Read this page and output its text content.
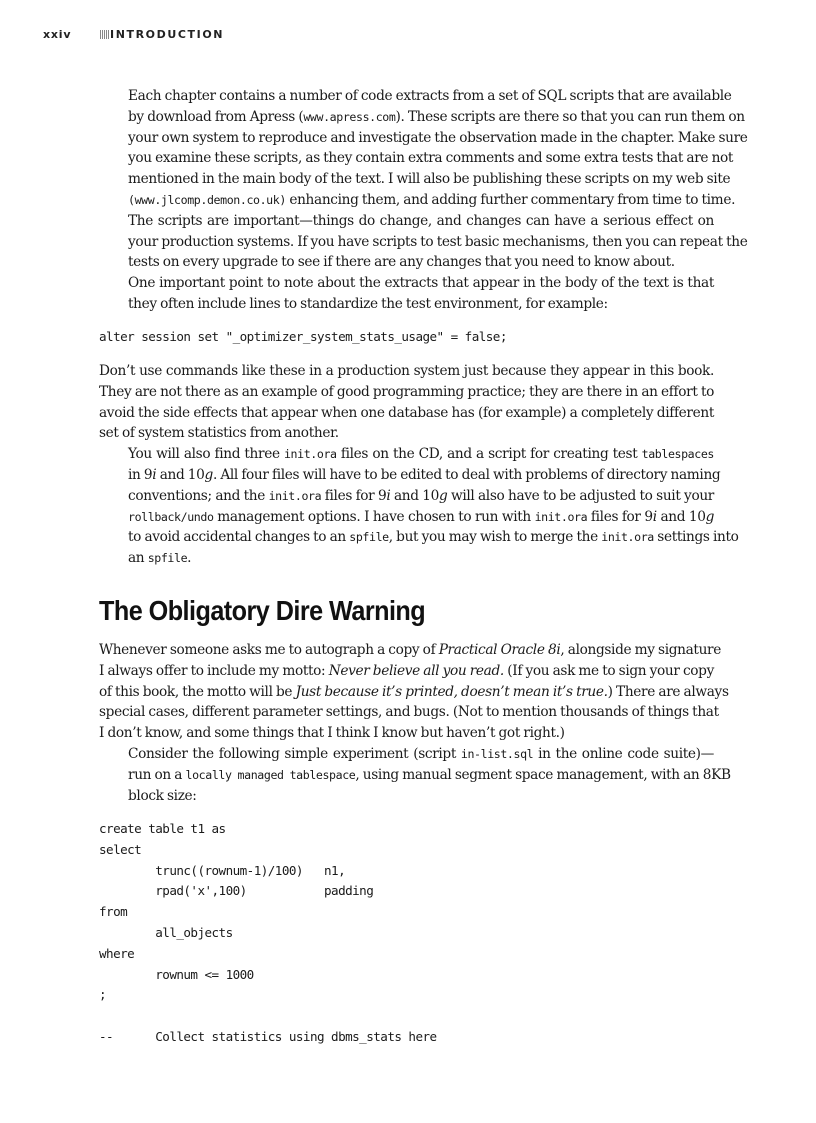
xxiv	INTRODUCTION

Each chapter contains a number of code extracts from a set of SQL scripts that are available
by download from Apress (www.apress.com). These scripts are there so that you can run them on
your own system to reproduce and investigate the observation made in the chapter. Make sure
you examine these scripts, as they contain extra comments and some extra tests that are not
mentioned in the main body of the text. I will also be publishing these scripts on my web site
(www.jlcomp.demon.co.uk) enhancing them, and adding further commentary from time to time.

The scripts are important—things do change, and changes can have a serious effect on
your production systems. If you have scripts to test basic mechanisms, then you can repeat the
tests on every upgrade to see if there are any changes that you need to know about.

One important point to note about the extracts that appear in the body of the text is that
they often include lines to standardize the test environment, for example:

alter session set "_optimizer_system_stats_usage" = false;

Don’t use commands like these in a production system just because they appear in this book.
They are not there as an example of good programming practice; they are there in an effort to
avoid the side effects that appear when one database has (for example) a completely different
set of system statistics from another.

You will also find three init.ora files on the CD, and a script for creating test tablespaces
in 9i and 10g. All four files will have to be edited to deal with problems of directory naming
conventions; and the init.ora files for 9i and 10g will also have to be adjusted to suit your
rollback/undo management options. I have chosen to run with init.ora files for 9i and 10g
to avoid accidental changes to an spfile, but you may wish to merge the init.ora settings into
an spfile.

The Obligatory Dire Warning

Whenever someone asks me to autograph a copy of Practical Oracle 8i, alongside my signature
I always offer to include my motto: Never believe all you read. (If you ask me to sign your copy
of this book, the motto will be Just because it’s printed, doesn’t mean it’s true.) There are always
special cases, different parameter settings, and bugs. (Not to mention thousands of things that
I don’t know, and some things that I think I know but haven’t got right.)

Consider the following simple experiment (script in-list.sql in the online code suite)—
run on a locally managed tablespace, using manual segment space management, with an 8KB
block size:

create table t1 as
select
trunc((rownum-1)/100)   n1,
rpad('x',100)           padding
from
all_objects
where
rownum <= 1000
;

--      Collect statistics using dbms_stats here
